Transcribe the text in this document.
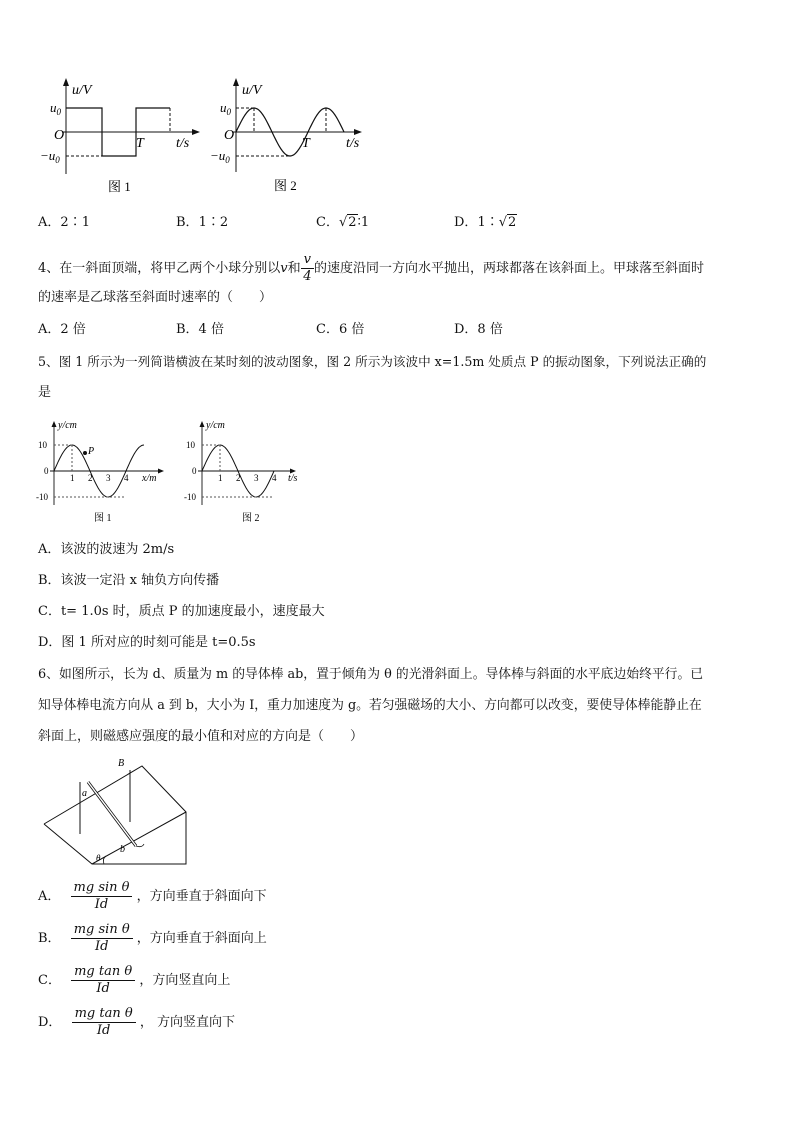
u/V
$u_0$
$-u_0$
O
T t/s
图 1
u/V
$u_0$
$-u_0$
O
T	t/s
图 2
A．2∶1	B．1∶2	C．√2∶1	D．1∶√2
4、在一斜面顶端，将甲乙两个小球分别以v和 $\frac{v}{4}$ 的速度沿同一方向水平抛出，两球都落在该斜面上。甲球落至斜面时
的速率是乙球落至斜面时速率的（　　）
A．2 倍	B．4 倍	C．6 倍	D．8 倍
5、图 1 所示为一列简谐横波在某时刻的波动图象，图 2 所示为该波中 x=1.5m 处质点 P 的振动图象，下列说法正确的
是
y/cm
P
10
0
-10
1 2 3 4 x/m
图 1
y/cm
10
0
-10
1 2 3 4 t/s
图 2
A．该波的波速为 2m/s
B．该波一定沿 x 轴负方向传播
C．t= 1.0s 时，质点 P 的加速度最小，速度最大
D．图 1 所对应的时刻可能是 t=0.5s
6、如图所示，长为 d、质量为 m 的导体棒 ab，置于倾角为 θ 的光滑斜面上。导体棒与斜面的水平底边始终平行。已
知导体棒电流方向从 a 到 b，大小为 I，重力加速度为 g。若匀强磁场的大小、方向都可以改变，要使导体棒能静止在
斜面上，则磁感应强度的最小值和对应的方向是（　　）
B
a
b
θ
A． $\frac{\text{mg sin θ}}{Id}$ ，方向垂直于斜面向下
B． $\frac{\text{mg sin θ}}{Id}$ ，方向垂直于斜面向上
C． $\frac{\text{mg tan θ}}{Id}$ ，方向竖直向上
D． $\frac{\text{mg tan θ}}{Id}$ ， 方向竖直向下
